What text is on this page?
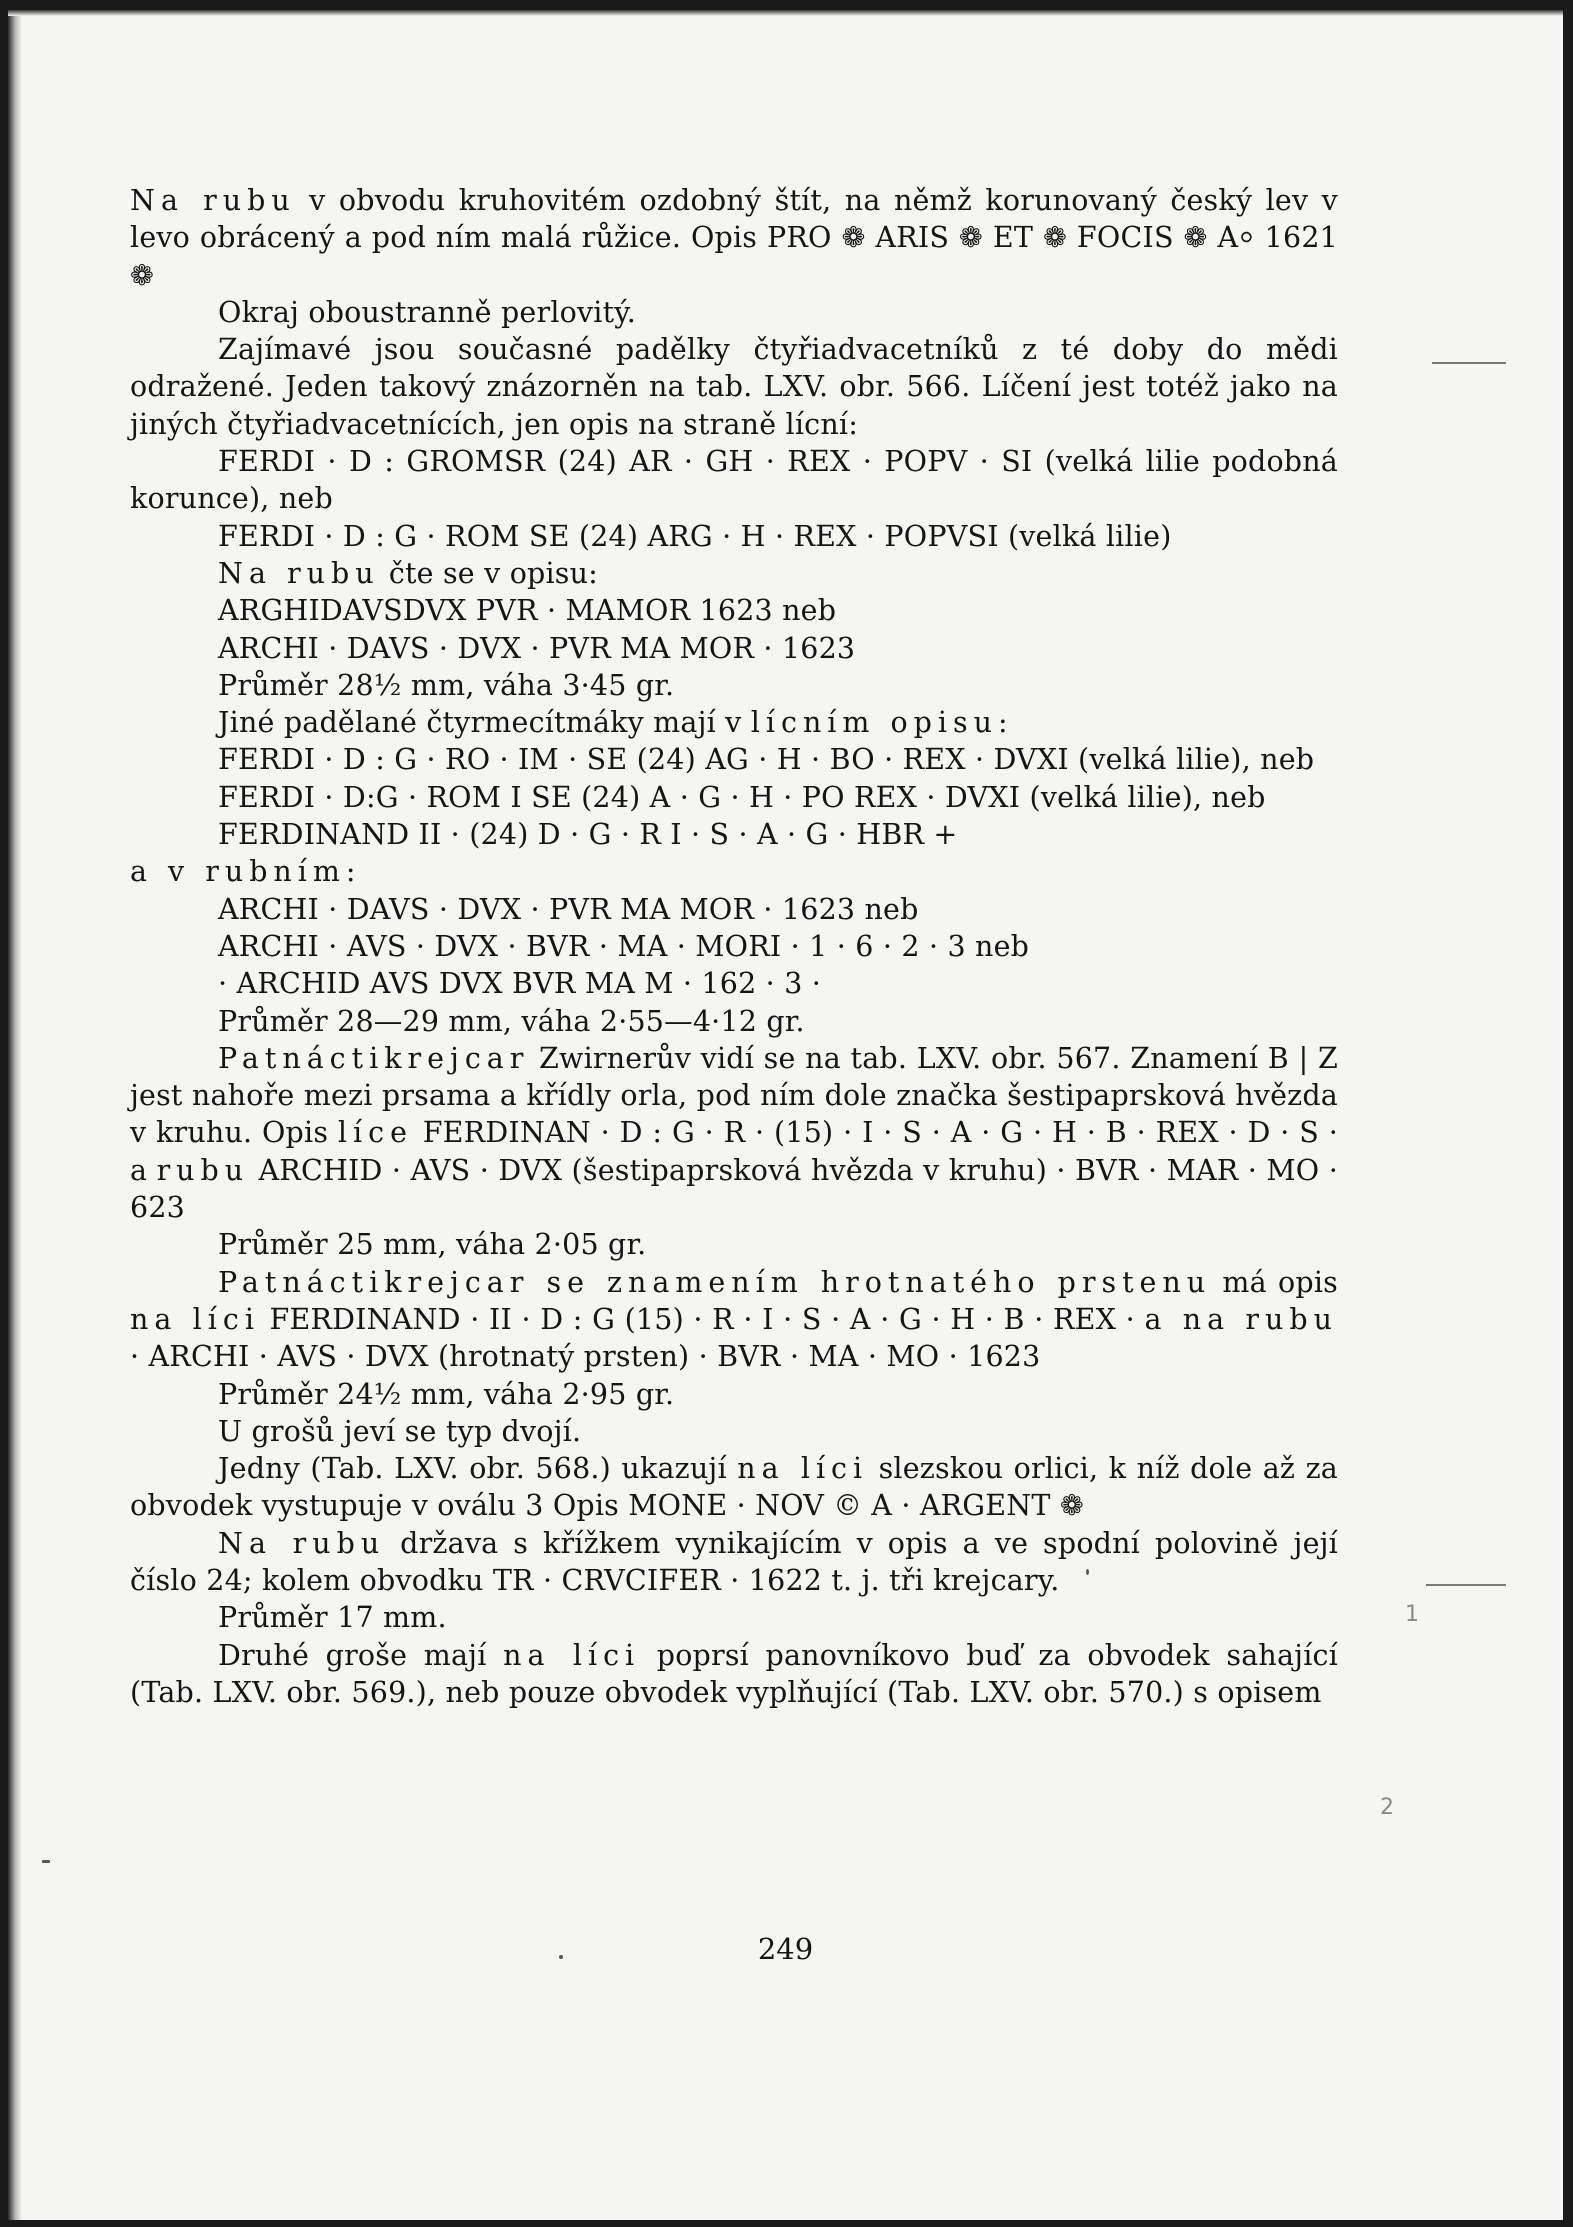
Na rubu v obvodu kruhovitém ozdobný štít, na němž korunovaný český lev v levo obrácený a pod ním malá růžice. Opis PRO ❁ ARIS ❁ ET ❁ FOCIS ❁ A⸰ 1621 ❁

Okraj oboustranně perlovitý.

Zajímavé jsou současné padělky čtyřiadvacetníků z té doby do mědi odražené. Jeden takový znázorněn na tab. LXV. obr. 566. Líčení jest totéž jako na jiných čtyřiadvacetnících, jen opis na straně lícní:

FERDI · D : GROMSR (24) AR · GH · REX · POPV · SI (velká lilie podobná korunce), neb

FERDI · D : G · ROM SE (24) ARG · H · REX · POPVSI (velká lilie)

Na rubu čte se v opisu:

ARGHIDAVSDVX PVR · MAMOR 1623 neb

ARCHI · DAVS · DVX · PVR MA MOR · 1623

Průměr 28½ mm, váha 3·45 gr.

Jiné padělané čtyrmecítmáky mají v lícním opisu:

FERDI · D : G · RO · IM · SE (24) AG · H · BO · REX · DVXI (velká lilie), neb

FERDI · D:G · ROM I SE (24) A · G · H · PO REX · DVXI (velká lilie), neb

FERDINAND II · (24) D · G · R I · S · A · G · HBR +

a v rubním:

ARCHI · DAVS · DVX · PVR MA MOR · 1623 neb

ARCHI · AVS · DVX · BVR · MA · MORI · 1 · 6 · 2 · 3 neb

· ARCHID AVS DVX BVR MA M · 162 · 3 ·

Průměr 28—29 mm, váha 2·55—4·12 gr.

Patnáctikrejcar Zwirnerův vidí se na tab. LXV. obr. 567. Znamení B | Z jest nahoře mezi prsama a křídly orla, pod ním dole značka šestipaprsková hvězda v kruhu. Opis líce FERDINAN · D : G · R · (15) · I · S · A · G · H · B · REX · D · S · a rubu ARCHID · AVS · DVX (šestipaprsková hvězda v kruhu) · BVR · MAR · MO · 623

Průměr 25 mm, váha 2·05 gr.

Patnáctikrejcar se znamením hrotnatého prstenu má opis na líci FERDINAND · II · D : G (15) · R · I · S · A · G · H · B · REX · a na rubu · ARCHI · AVS · DVX (hrotnatý prsten) · BVR · MA · MO · 1623

Průměr 24½ mm, váha 2·95 gr.

U grošů jeví se typ dvojí.

Jedny (Tab. LXV. obr. 568.) ukazují na líci slezskou orlici, k níž dole až za obvodek vystupuje v oválu 3 Opis MONE · NOV © A · ARGENT ❁

Na rubu država s křížkem vynikajícím v opis a ve spodní polovině její číslo 24; kolem obvodku TR · CRVCIFER · 1622 t. j. tři krejcary.

Průměr 17 mm.

Druhé groše mají na líci poprsí panovníkovo buď za obvodek sahající (Tab. LXV. obr. 569.), neb pouze obvodek vyplňující (Tab. LXV. obr. 570.) s opisem

249
1
2
